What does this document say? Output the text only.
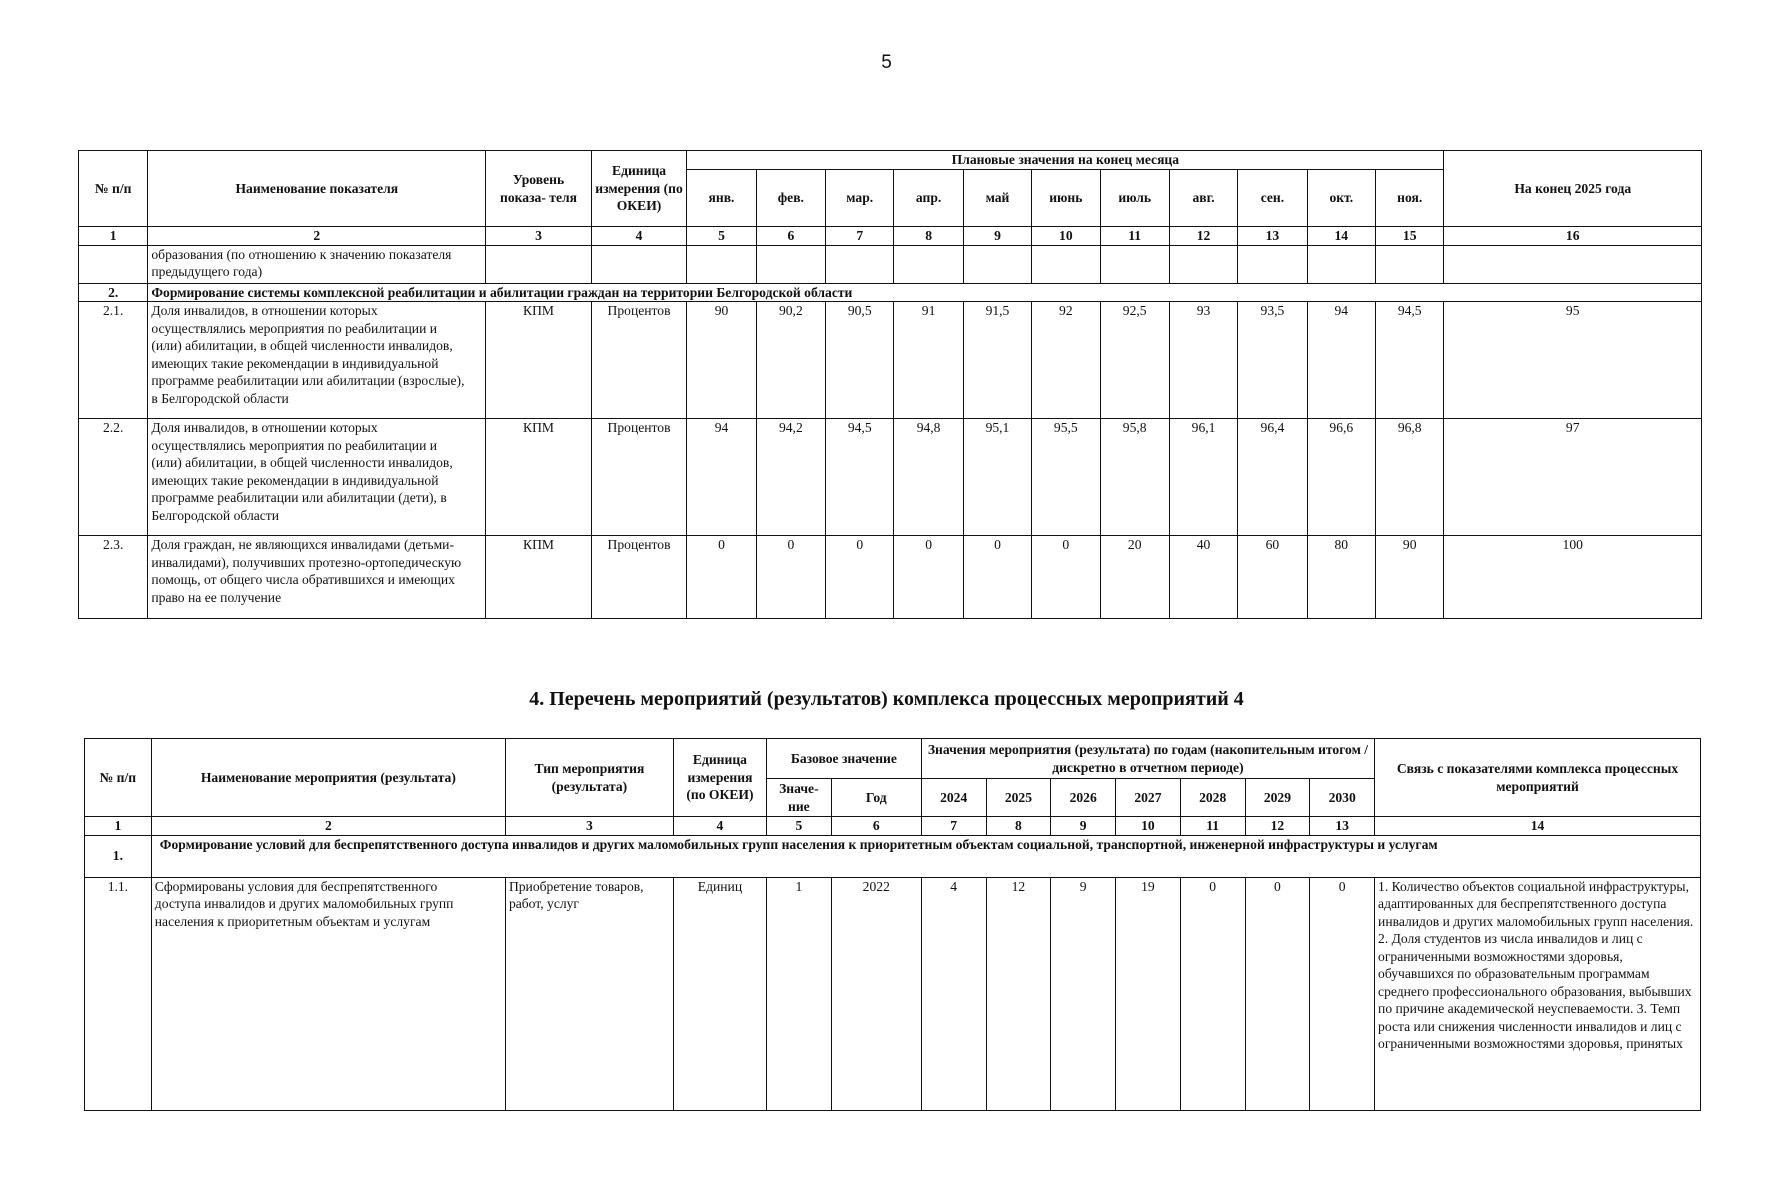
5
№ п/п	Наименование показателя	Уровень показа- теля	Единица измерения (по ОКЕИ)	Плановые значения на конец месяца											На конец 2025 года
				янв.	фев.	мар.	апр.	май	июнь	июль	авг.	сен.	окт.	ноя.	
1	2	3	4	5	6	7	8	9	10	11	12	13	14	15	16
	образования (по отношению к значению показателя предыдущего года)														
2.	Формирование системы комплексной реабилитации и абилитации граждан на территории Белгородской области														
2.1.	Доля инвалидов, в отношении которых осуществлялись мероприятия по реабилитации и (или) абилитации, в общей численности инвалидов, имеющих такие рекомендации в индивидуальной программе реабилитации или абилитации (взрослые), в Белгородской области	КПМ	Процентов	90	90,2	90,5	91	91,5	92	92,5	93	93,5	94	94,5	95
2.2.	Доля инвалидов, в отношении которых осуществлялись мероприятия по реабилитации и (или) абилитации, в общей численности инвалидов, имеющих такие рекомендации в индивидуальной программе реабилитации или абилитации (дети), в Белгородской области	КПМ	Процентов	94	94,2	94,5	94,8	95,1	95,5	95,8	96,1	96,4	96,6	96,8	97
2.3.	Доля граждан, не являющихся инвалидами (детьми-инвалидами), получивших протезно-ортопедическую помощь, от общего числа обратившихся и имеющих право на ее получение	КПМ	Процентов	0	0	0	0	0	0	20	40	60	80	90	100
4. Перечень мероприятий (результатов) комплекса процессных мероприятий 4
№ п/п	Наименование мероприятия (результата)	Тип мероприятия (результата)	Единица измерения (по ОКЕИ)	Базовое значение		Значения мероприятия (результата) по годам (накопительным итогом / дискретно в отчетном периоде)							Связь с показателями комплекса процессных мероприятий
				Значе- ние	Год	2024	2025	2026	2027	2028	2029	2030	
1	2	3	4	5	6	7	8	9	10	11	12	13	14
1.	Формирование условий для беспрепятственного доступа инвалидов и других маломобильных групп населения к приоритетным объектам социальной, транспортной, инженерной инфраструктуры и услугам												
1.1.	Сформированы условия для беспрепятственного доступа инвалидов и других маломобильных групп населения к приоритетным объектам и услугам	Приобретение товаров, работ, услуг	Единиц	1	2022	4	12	9	19	0	0	0	1. Количество объектов социальной инфраструктуры, адаптированных для беспрепятственного доступа инвалидов и других маломобильных групп населения. 2. Доля студентов из числа инвалидов и лиц с ограниченными возможностями здоровья, обучавшихся по образовательным программам среднего профессионального образования, выбывших по причине академической неуспеваемости. 3. Темп роста или снижения численности инвалидов и лиц с ограниченными возможностями здоровья, принятых
